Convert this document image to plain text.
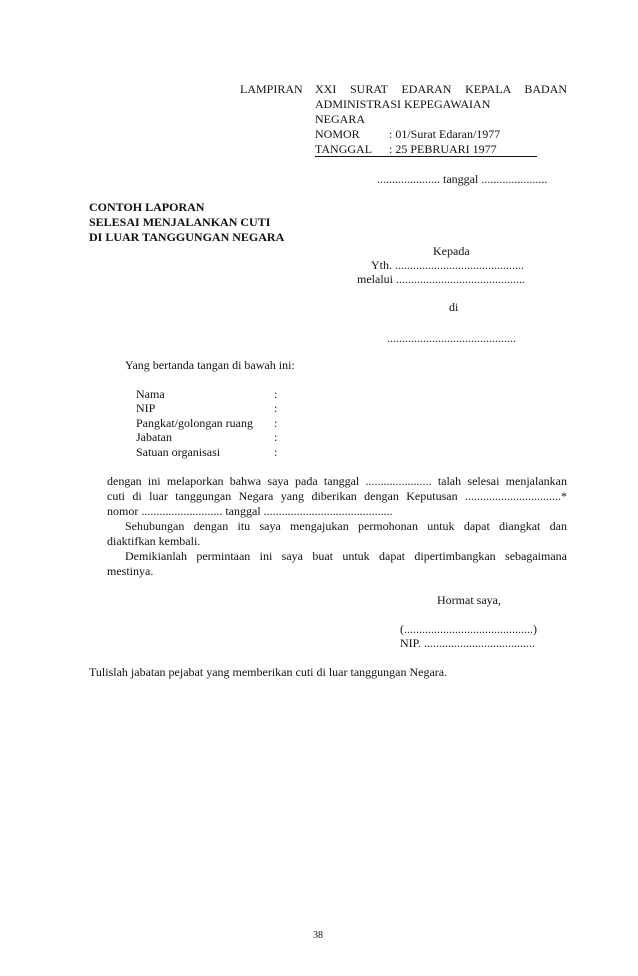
LAMPIRAN XXI  SURAT  EDARAN  KEPALA  BADAN
ADMINISTRASI KEPEGAWAIAN
NEGARA
NOMOR : 01/Surat Edaran/1977
TANGGAL : 25 PEBRUARI 1977
..................... tanggal ......................
CONTOH LAPORAN
SELESAI MENJALANKAN CUTI
DI LUAR TANGGUNGAN NEGARA
Kepada
Yth. ...........................................
melalui ...........................................
di
...........................................
Yang bertanda tangan di bawah ini:
Nama	:
NIP	:
Pangkat/golongan ruang :
Jabatan	:
Satuan organisasi	:
dengan ini melaporkan bahwa saya pada tanggal ...................... talah selesai menjalankan
cuti di luar tanggungan Negara yang diberikan dengan Keputusan ................................*
nomor ........................... tanggal ...........................................
Sehubungan dengan itu saya mengajukan permohonan untuk dapat diangkat dan
diaktifkan kembali.
Demikianlah permintaan ini saya buat untuk dapat dipertimbangkan sebagaimana
mestinya.
Hormat saya,
(...........................................)
NIP. .....................................
Tulislah jabatan pejabat yang memberikan cuti di luar tanggungan Negara.
38
